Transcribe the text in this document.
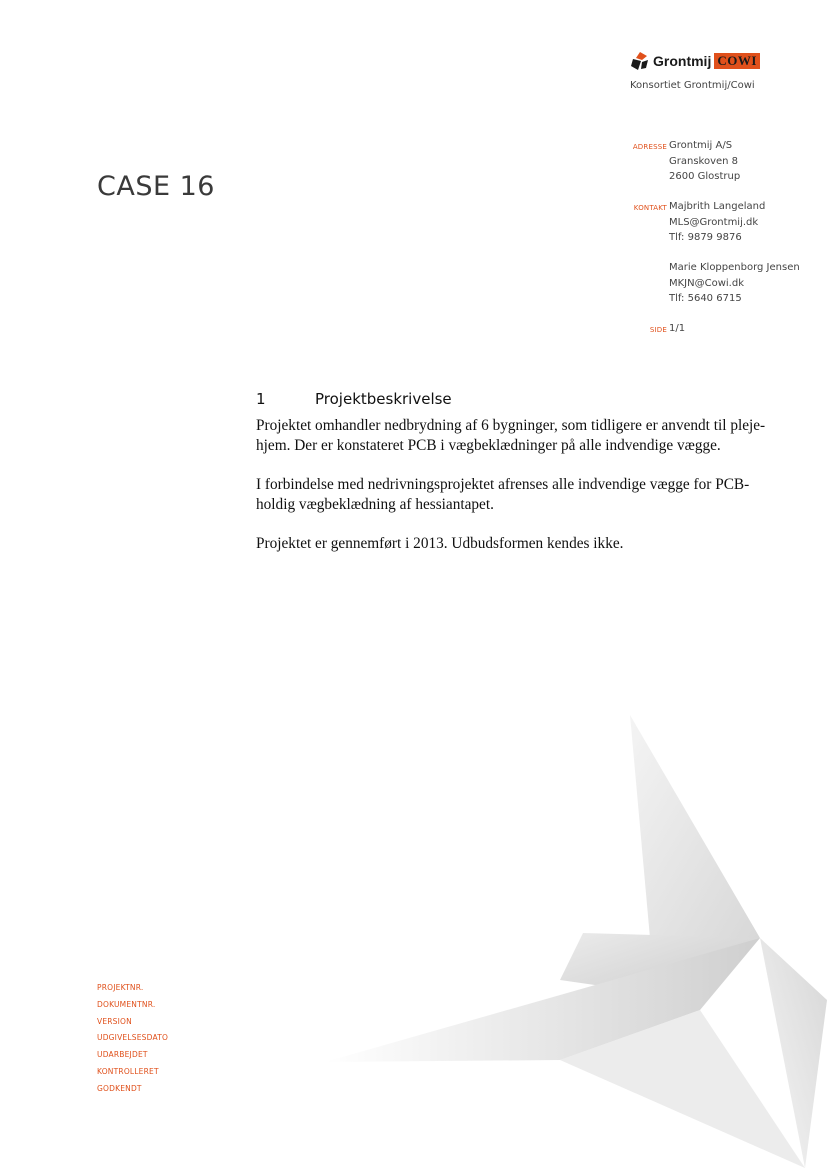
Grontmij COWI
Konsortiet Grontmij/Cowi
CASE 16
ADRESSE Grontmij A/S
Granskoven 8
2600 Glostrup
KONTAKT Majbrith Langeland
MLS@Grontmij.dk
Tlf: 9879 9876
Marie Kloppenborg Jensen
MKJN@Cowi.dk
Tlf: 5640 6715
SIDE 1/1
1	Projektbeskrivelse

Projektet omhandler nedbrydning af 6 bygninger, som tidligere er anvendt til pleje-hjem. Der er konstateret PCB i vægbeklædninger på alle indvendige vægge.

I forbindelse med nedrivningsprojektet afrenses alle indvendige vægge for PCB-holdig vægbeklædning af hessiantapet.

Projektet er gennemført i 2013. Udbudsformen kendes ikke.

PROJEKTNR.
DOKUMENTNR.
VERSION
UDGIVELSESDATO
UDARBEJDET
KONTROLLERET
GODKENDT
